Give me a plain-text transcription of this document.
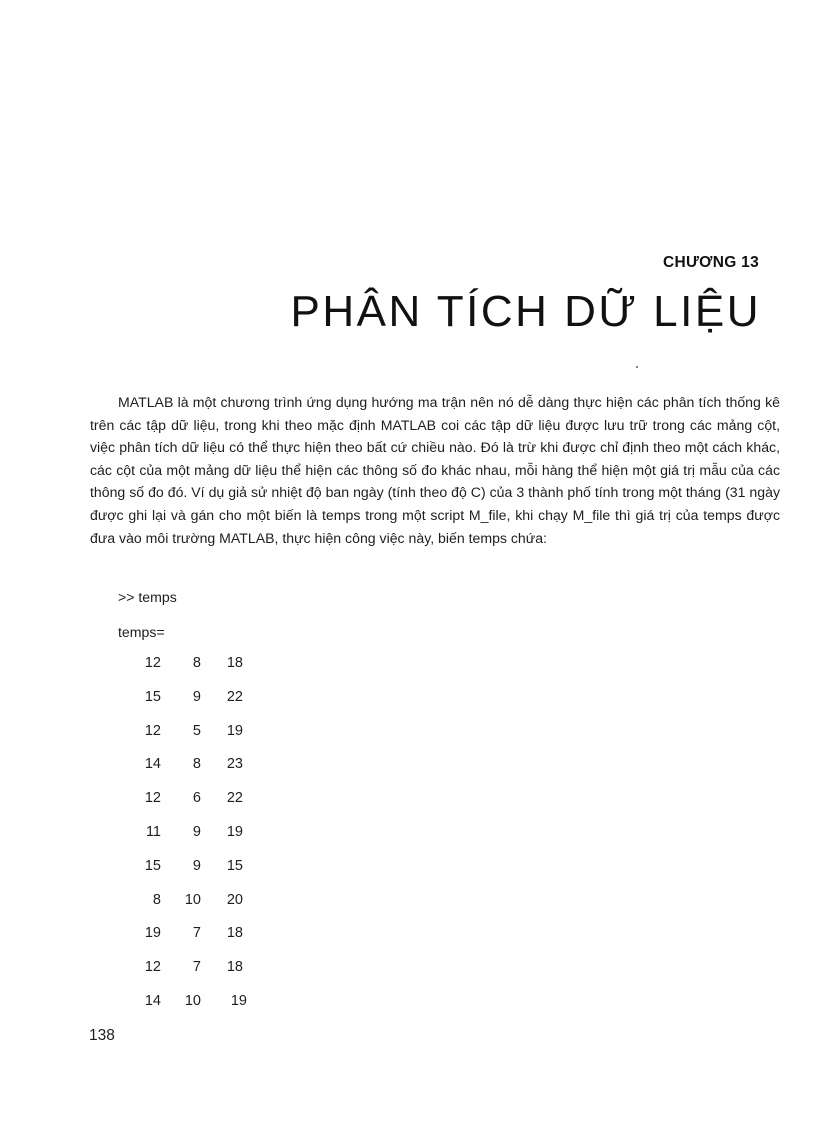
CHƯƠNG 13
PHÂN TÍCH DỮ LIỆU

MATLAB là một chương trình ứng dụng hướng ma trận nên nó dễ dàng thực hiện các phân tích thống kê trên các tập dữ liệu, trong khi theo mặc định MATLAB coi các tập dữ liệu được lưu trữ trong các mảng cột, việc phân tích dữ liệu có thể thực hiện theo bất cứ chiều nào. Đó là trừ khi được chỉ định theo một cách khác, các cột của một mảng dữ liệu thể hiện các thông số đo khác nhau, mỗi hàng thể hiện một giá trị mẫu của các thông số đo đó. Ví dụ giả sử nhiệt độ ban ngày (tính theo độ C) của 3 thành phố tính trong một tháng (31 ngày được ghi lại và gán cho một biến là temps trong một script M_file, khi chạy M_file thì giá trị của temps được đưa vào môi trường MATLAB, thực hiện công việc này, biến temps chứa:

>> temps
temps=
12	8	18
15	9	22
12	5	19
14	8	23
12	6	22
11	9	19
15	9	15
8	10	20
19	7	18
12	7	18
14	10	19
138
